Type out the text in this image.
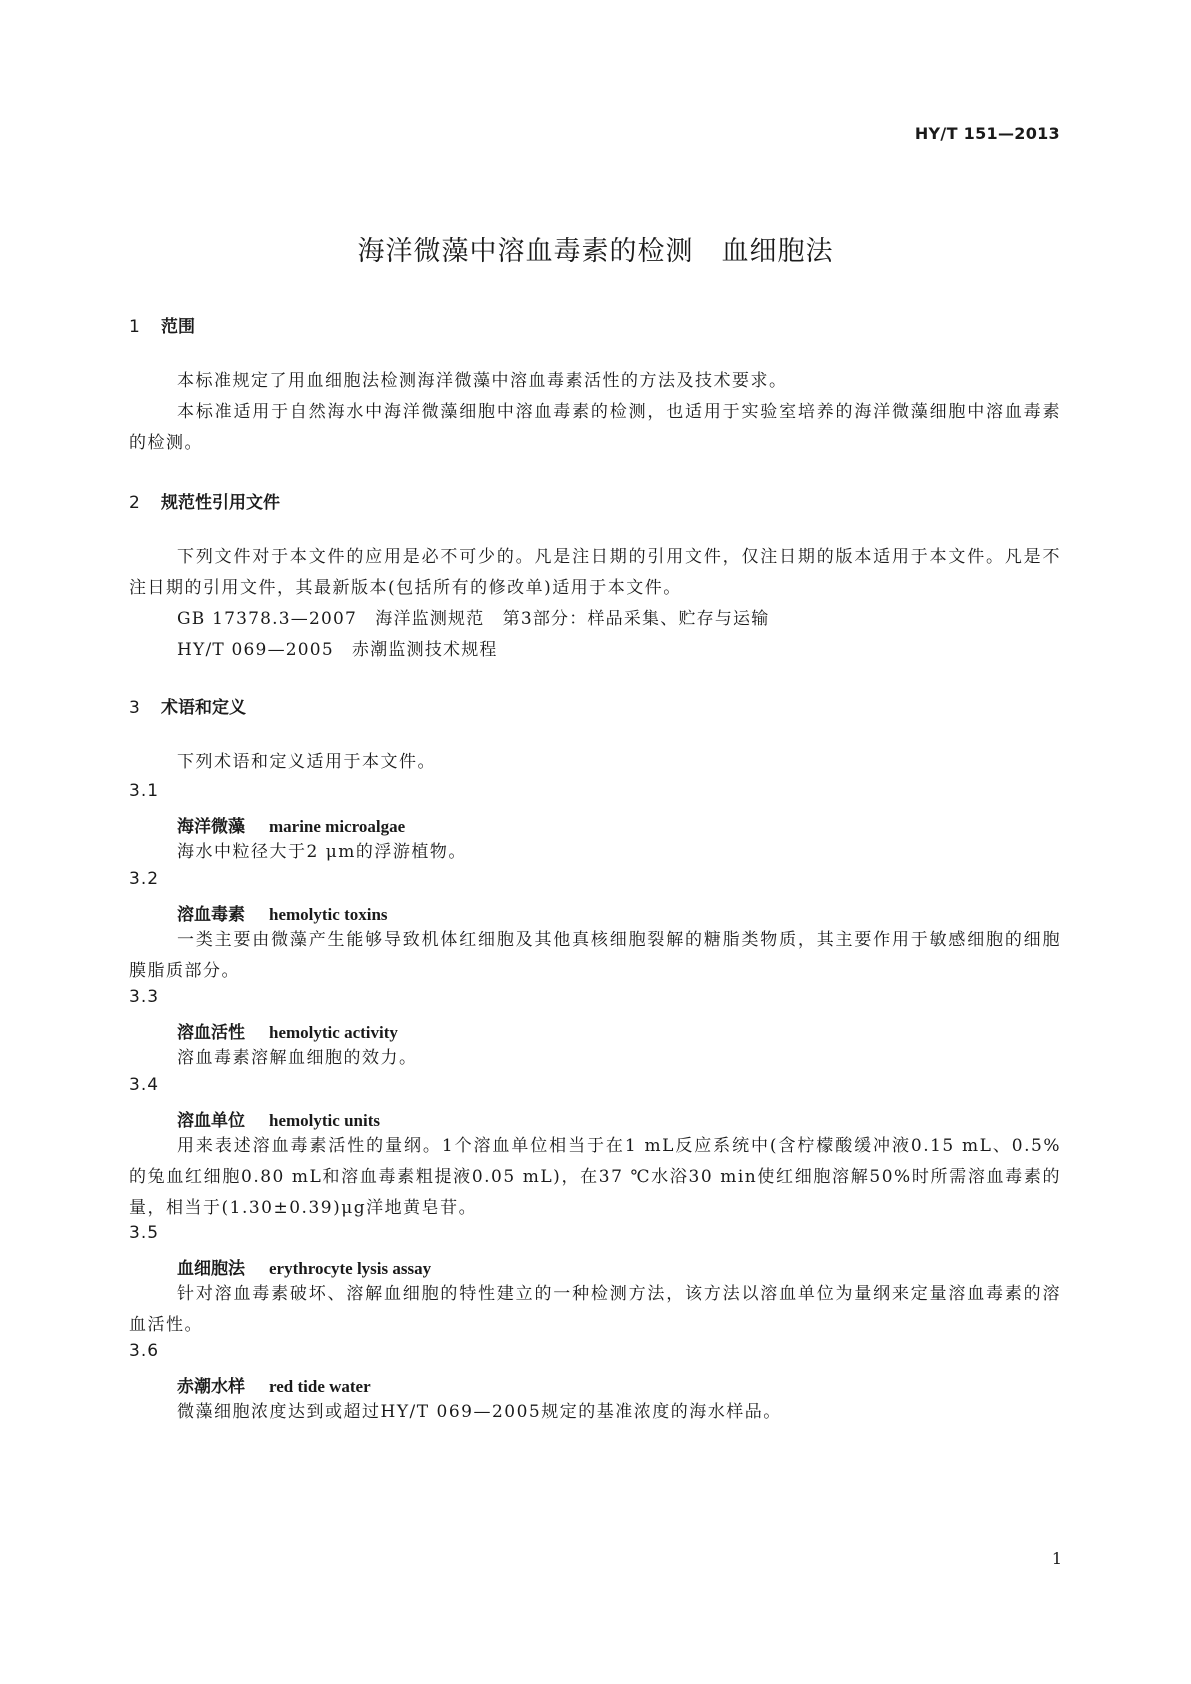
HY/T 151—2013
海洋微藻中溶血毒素的检测　血细胞法
1 范围

本标准规定了用血细胞法检测海洋微藻中溶血毒素活性的方法及技术要求。

本标准适用于自然海水中海洋微藻细胞中溶血毒素的检测，也适用于实验室培养的海洋微藻细胞中溶血毒素的检测。

2 规范性引用文件

下列文件对于本文件的应用是必不可少的。凡是注日期的引用文件，仅注日期的版本适用于本文件。凡是不注日期的引用文件，其最新版本(包括所有的修改单)适用于本文件。

GB 17378.3—2007　海洋监测规范　第3部分：样品采集、贮存与运输
HY/T 069—2005　赤潮监测技术规程
3 术语和定义

下列术语和定义适用于本文件。

3.1
海洋微藻 marine microalgae

海水中粒径大于2 μm的浮游植物。

3.2
溶血毒素 hemolytic toxins

一类主要由微藻产生能够导致机体红细胞及其他真核细胞裂解的糖脂类物质，其主要作用于敏感细胞的细胞膜脂质部分。

3.3
溶血活性 hemolytic activity

溶血毒素溶解血细胞的效力。

3.4
溶血单位 hemolytic units

用来表述溶血毒素活性的量纲。1个溶血单位相当于在1 mL反应系统中(含柠檬酸缓冲液0.15 mL、0.5%的兔血红细胞0.80 mL和溶血毒素粗提液0.05 mL)，在37 ℃水浴30 min使红细胞溶解50%时所需溶血毒素的量，相当于(1.30±0.39)μg洋地黄皂苷。

3.5
血细胞法 erythrocyte lysis assay

针对溶血毒素破坏、溶解血细胞的特性建立的一种检测方法，该方法以溶血单位为量纲来定量溶血毒素的溶血活性。

3.6
赤潮水样 red tide water

微藻细胞浓度达到或超过HY/T 069—2005规定的基准浓度的海水样品。

1
